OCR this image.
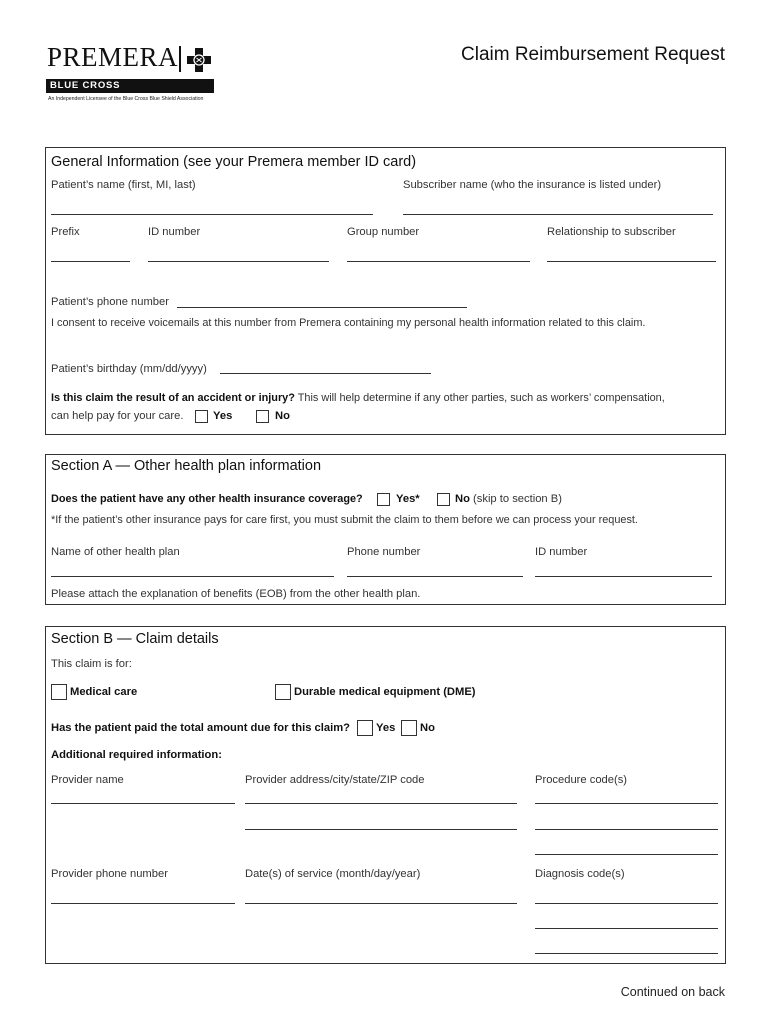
PREMERA
BLUE CROSS
An Independent Licensee of the Blue Cross Blue Shield Association
Claim Reimbursement Request
General Information (see your Premera member ID card)
Patient’s name (first, MI, last)	Subscriber name (who the insurance is listed under)
Prefix	ID number	Group number	Relationship to subscriber
Patient’s phone number
I consent to receive voicemails at this number from Premera containing my personal health information related to this claim.
Patient’s birthday (mm/dd/yyyy)
Is this claim the result of an accident or injury? This will help determine if any other parties, such as workers’ compensation,
can help pay for your care.	Yes	No
Section A — Other health plan information
Does the patient have any other health insurance coverage?	Yes*	No (skip to section B)
*If the patient’s other insurance pays for care first, you must submit the claim to them before we can process your request.
Name of other health plan	Phone number	ID number
Please attach the explanation of benefits (EOB) from the other health plan.
Section B — Claim details
This claim is for:
Medical care	Durable medical equipment (DME)
Has the patient paid the total amount due for this claim? Yes No
Additional required information:
Provider name	Provider address/city/state/ZIP code	Procedure code(s)
Provider phone number	Date(s) of service (month/day/year)	Diagnosis code(s)
Continued on back
